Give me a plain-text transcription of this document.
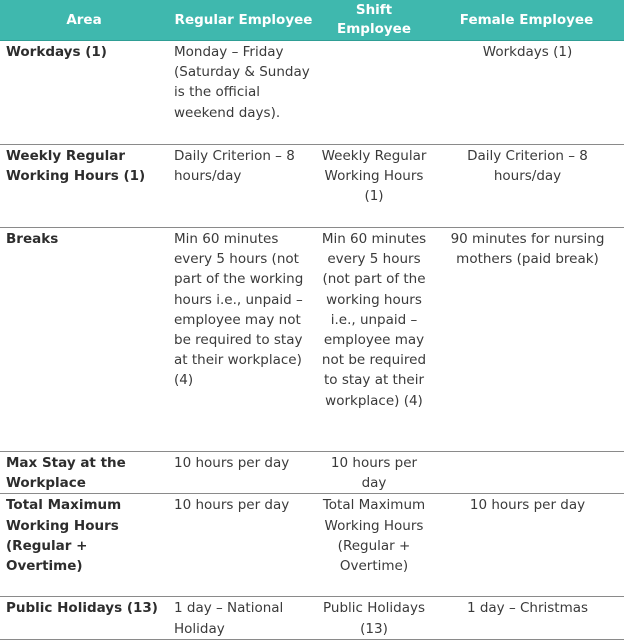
Area	Regular Employee	Shift Employee	Female Employee
Workdays (1)	Monday – Friday (Saturday & Sunday is the official weekend days).		Workdays (1)
Weekly Regular Working Hours (1)	Daily Criterion – 8 hours/day	Weekly Regular Working Hours (1)	Daily Criterion – 8 hours/day
Breaks	Min 60 minutes every 5 hours (not part of the working hours i.e., unpaid – employee may not be required to stay at their workplace) (4)	Min 60 minutes every 5 hours (not part of the working hours i.e., unpaid – employee may not be required to stay at their workplace) (4)	90 minutes for nursing mothers (paid break)
Max Stay at the Workplace	10 hours per day	10 hours per day	
Total Maximum Working Hours (Regular + Overtime)	10 hours per day	Total Maximum Working Hours (Regular + Overtime)	10 hours per day
Public Holidays (13)	1 day – National Holiday	Public Holidays (13)	1 day – Christmas
